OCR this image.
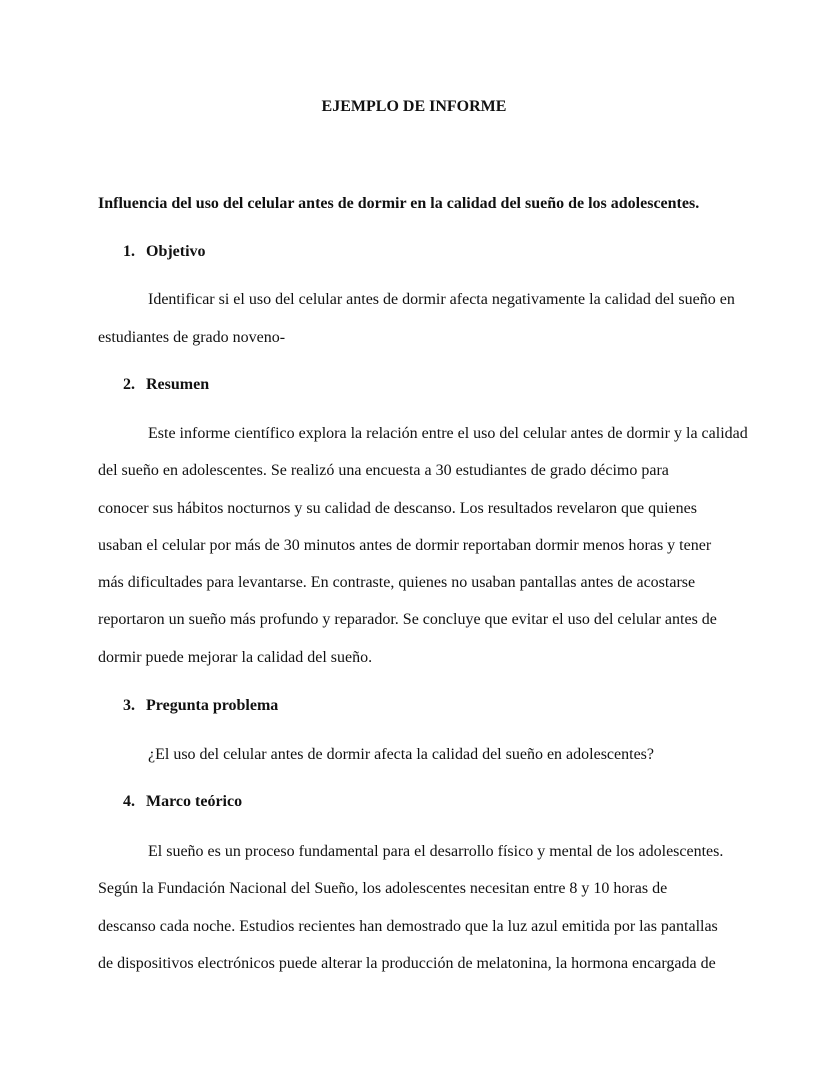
EJEMPLO DE INFORME

Influencia del uso del celular antes de dormir en la calidad del sueño de los adolescentes.

1. Objetivo

Identificar si el uso del celular antes de dormir afecta negativamente la calidad del sueño en
estudiantes de grado noveno-

2. Resumen

Este informe científico explora la relación entre el uso del celular antes de dormir y la calidad
del sueño en adolescentes. Se realizó una encuesta a 30 estudiantes de grado décimo para
conocer sus hábitos nocturnos y su calidad de descanso. Los resultados revelaron que quienes
usaban el celular por más de 30 minutos antes de dormir reportaban dormir menos horas y tener
más dificultades para levantarse. En contraste, quienes no usaban pantallas antes de acostarse
reportaron un sueño más profundo y reparador. Se concluye que evitar el uso del celular antes de
dormir puede mejorar la calidad del sueño.

3. Pregunta problema

¿El uso del celular antes de dormir afecta la calidad del sueño en adolescentes?

4. Marco teórico

El sueño es un proceso fundamental para el desarrollo físico y mental de los adolescentes.
Según la Fundación Nacional del Sueño, los adolescentes necesitan entre 8 y 10 horas de
descanso cada noche. Estudios recientes han demostrado que la luz azul emitida por las pantallas
de dispositivos electrónicos puede alterar la producción de melatonina, la hormona encargada de
